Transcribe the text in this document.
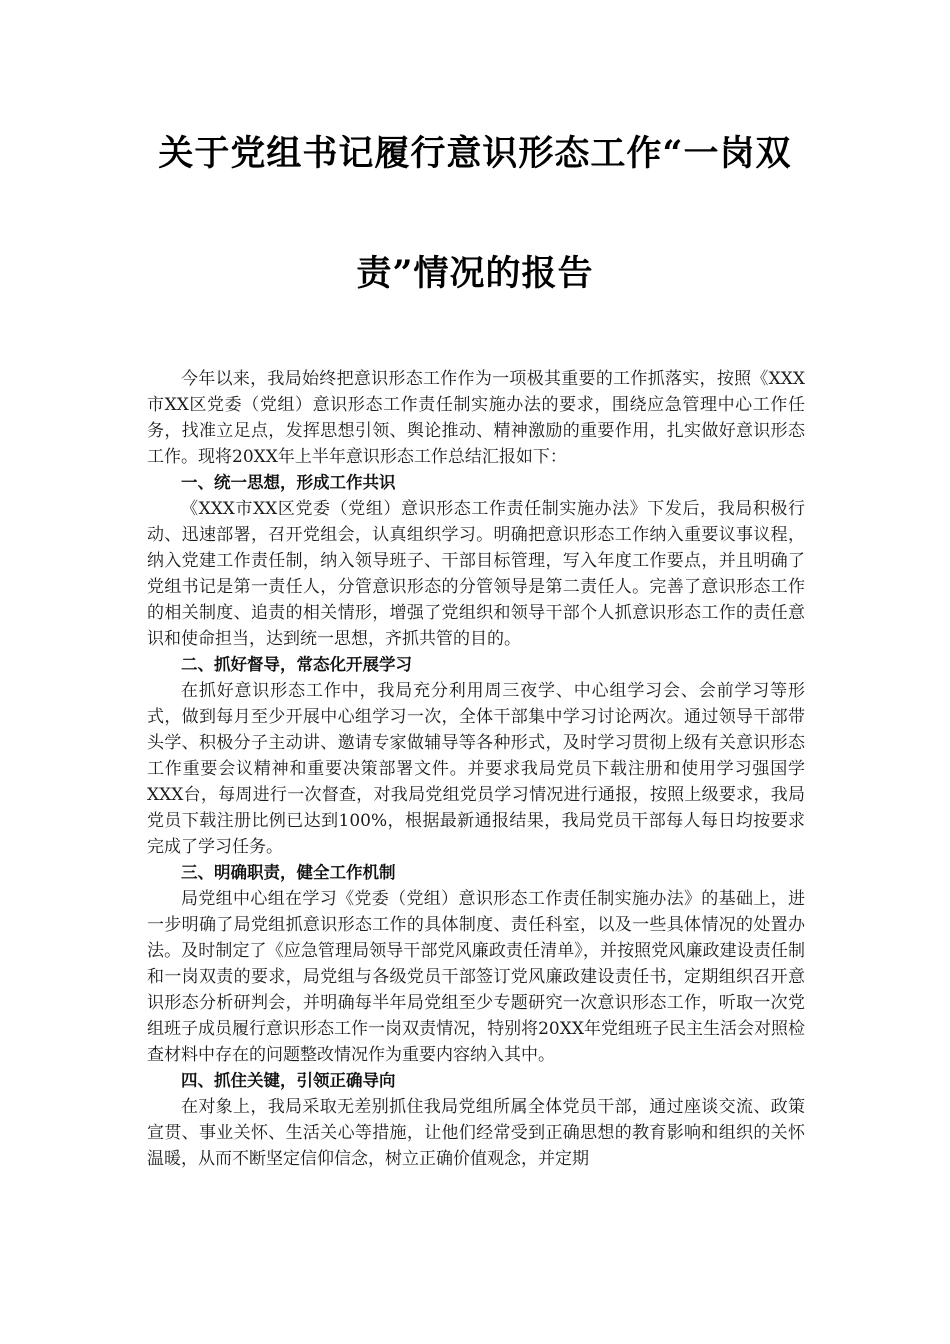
关于党组书记履行意识形态工作“一岗双
责”情况的报告

今年以来，我局始终把意识形态工作作为一项极其重要的工作抓落实，按照《XXX市XX区党委（党组）意识形态工作责任制实施办法的要求，围绕应急管理中心工作任务，找准立足点，发挥思想引领、舆论推动、精神激励的重要作用，扎实做好意识形态工作。现将20XX年上半年意识形态工作总结汇报如下：

一、统一思想，形成工作共识

《XXX市XX区党委（党组）意识形态工作责任制实施办法》下发后，我局积极行动、迅速部署，召开党组会，认真组织学习。明确把意识形态工作纳入重要议事议程，纳入党建工作责任制，纳入领导班子、干部目标管理，写入年度工作要点，并且明确了党组书记是第一责任人，分管意识形态的分管领导是第二责任人。完善了意识形态工作的相关制度、追责的相关情形，增强了党组织和领导干部个人抓意识形态工作的责任意识和使命担当，达到统一思想，齐抓共管的目的。

二、抓好督导，常态化开展学习

在抓好意识形态工作中，我局充分利用周三夜学、中心组学习会、会前学习等形式，做到每月至少开展中心组学习一次，全体干部集中学习讨论两次。通过领导干部带头学、积极分子主动讲、邀请专家做辅导等各种形式，及时学习贯彻上级有关意识形态工作重要会议精神和重要决策部署文件。并要求我局党员下载注册和使用学习强国学XXX台，每周进行一次督查，对我局党组党员学习情况进行通报，按照上级要求，我局党员下载注册比例已达到100%，根据最新通报结果，我局党员干部每人每日均按要求完成了学习任务。

三、明确职责，健全工作机制

局党组中心组在学习《党委（党组）意识形态工作责任制实施办法》的基础上，进一步明确了局党组抓意识形态工作的具体制度、责任科室，以及一些具体情况的处置办法。及时制定了《应急管理局领导干部党风廉政责任清单》，并按照党风廉政建设责任制和一岗双责的要求，局党组与各级党员干部签订党风廉政建设责任书，定期组织召开意识形态分析研判会，并明确每半年局党组至少专题研究一次意识形态工作，听取一次党组班子成员履行意识形态工作一岗双责情况，特别将20XX年党组班子民主生活会对照检查材料中存在的问题整改情况作为重要内容纳入其中。

四、抓住关键，引领正确导向

在对象上，我局采取无差别抓住我局党组所属全体党员干部，通过座谈交流、政策宣贯、事业关怀、生活关心等措施，让他们经常受到正确思想的教育影响和组织的关怀温暖，从而不断坚定信仰信念，树立正确价值观念，并定期
